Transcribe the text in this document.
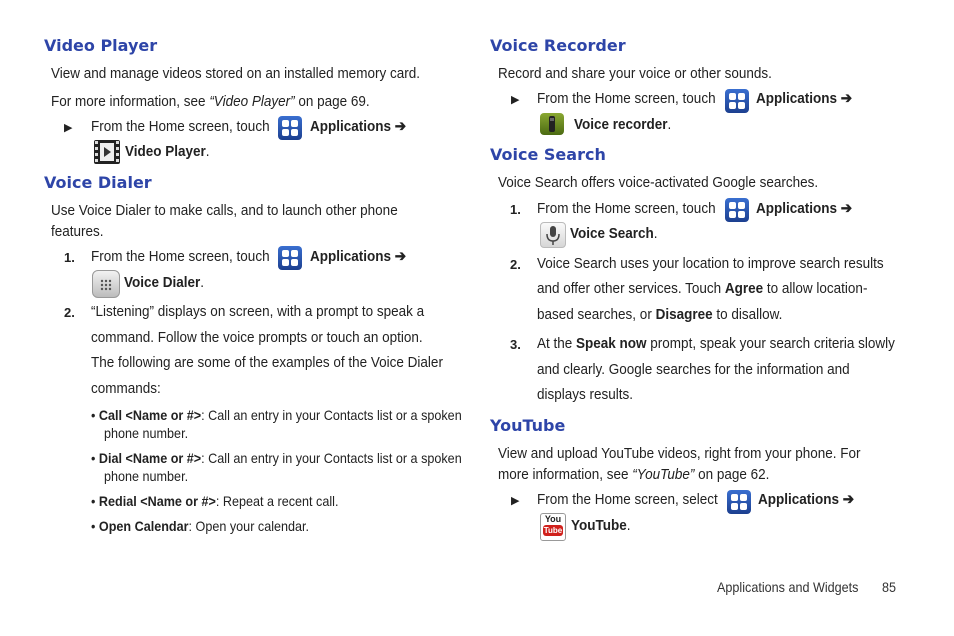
Video Player

View and manage videos stored on an installed memory card.

For more information, see “Video Player” on page 69.

▶ From the Home screen, touch	Applications ➔

Video Player.

Voice Dialer

Use Voice Dialer to make calls, and to launch other phone

features.

1. From the Home screen, touch	Applications ➔

Voice Dialer.

2. “Listening” displays on screen, with a prompt to speak a

command. Follow the voice prompts or touch an option.

The following are some of the examples of the Voice Dialer

commands:

• Call <Name or #>: Call an entry in your Contacts list or a spoken

phone number.

• Dial <Name or #>: Call an entry in your Contacts list or a spoken

phone number.

• Redial <Name or #>: Repeat a recent call.

• Open Calendar: Open your calendar.

Voice Recorder

Record and share your voice or other sounds.

▶ From the Home screen, touch	Applications ➔

Voice recorder.

Voice Search

Voice Search offers voice-activated Google searches.

1. From the Home screen, touch	Applications ➔

Voice Search.

2. Voice Search uses your location to improve search results

and offer other services. Touch Agree to allow location-

based searches, or Disagree to disallow.

3. At the Speak now prompt, speak your search criteria slowly

and clearly. Google searches for the information and

displays results.

YouTube

View and upload YouTube videos, right from your phone. For

more information, see “YouTube” on page 62.

▶ From the Home screen, select	Applications ➔

You
Tube YouTube.

Applications and Widgets 85
